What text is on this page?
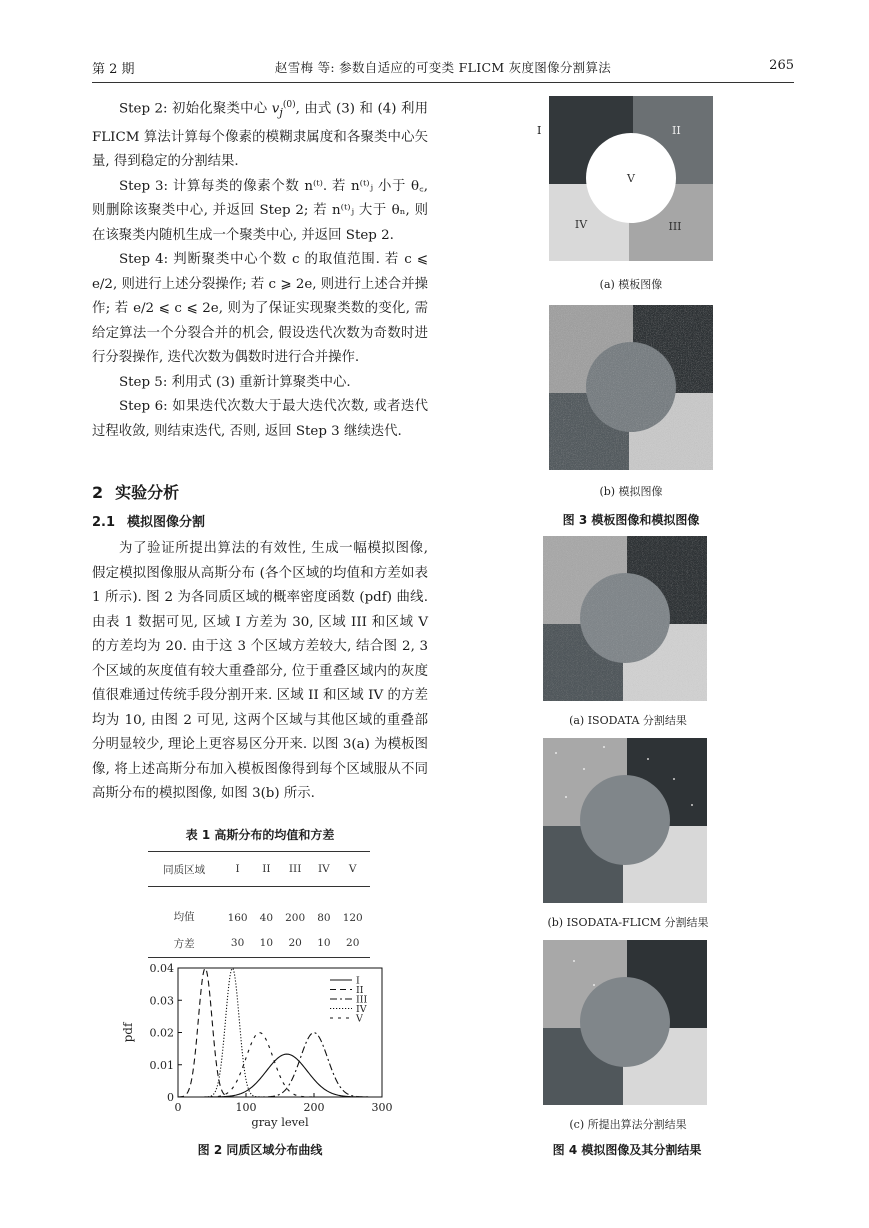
第 2 期	赵雪梅 等: 参数自适应的可变类 FLICM 灰度图像分割算法	265

Step 2: 初始化聚类中心 $v_j^{(0)}$, 由式 (3) 和 (4) 利用 FLICM 算法计算每个像素的模糊隶属度和各聚类中心矢量, 得到稳定的分割结果.

Step 3: 计算每类的像素个数 n⁽ᵗ⁾. 若 n⁽ᵗ⁾ⱼ 小于 θ꜀, 则删除该聚类中心, 并返回 Step 2; 若 n⁽ᵗ⁾ⱼ 大于 θₙ, 则在该聚类内随机生成一个聚类中心, 并返回 Step 2.

Step 4: 判断聚类中心个数 c 的取值范围. 若 c ⩽ e/2, 则进行上述分裂操作; 若 c ⩾ 2e, 则进行上述合并操作; 若 e/2 ⩽ c ⩽ 2e, 则为了保证实现聚类数的变化, 需给定算法一个分裂合并的机会, 假设迭代次数为奇数时进行分裂操作, 迭代次数为偶数时进行合并操作.

Step 5: 利用式 (3) 重新计算聚类中心.

Step 6: 如果迭代次数大于最大迭代次数, 或者迭代过程收敛, 则结束迭代, 否则, 返回 Step 3 继续迭代.

2 实验分析
2.1 模拟图像分割

为了验证所提出算法的有效性, 生成一幅模拟图像, 假定模拟图像服从高斯分布 (各个区域的均值和方差如表 1 所示). 图 2 为各同质区域的概率密度函数 (pdf) 曲线. 由表 1 数据可见, 区域 I 方差为 30, 区域 III 和区域 V 的方差均为 20. 由于这 3 个区域方差较大, 结合图 2, 3 个区域的灰度值有较大重叠部分, 位于重叠区域内的灰度值很难通过传统手段分割开来. 区域 II 和区域 IV 的方差均为 10, 由图 2 可见, 这两个区域与其他区域的重叠部分明显较少, 理论上更容易区分开来. 以图 3(a) 为模板图像, 将上述高斯分布加入模板图像得到每个区域服从不同高斯分布的模拟图像, 如图 3(b) 所示.

表 1 高斯分布的均值和方差
同质区域	I	II	III	IV	V
均值	160	40	200	80	120
方差	30	10	20	10	20
0	100	200	300
0
0.01
0.02
0.03
0.04
gray level
pdf
I
II
III
IV
V
图 2 同质区域分布曲线
V
IV	III
I	II
(a) 模板图像
(b) 模拟图像
图 3 模板图像和模拟图像
(a) ISODATA 分割结果
(b) ISODATA-FLICM 分割结果
(c) 所提出算法分割结果
图 4 模拟图像及其分割结果
